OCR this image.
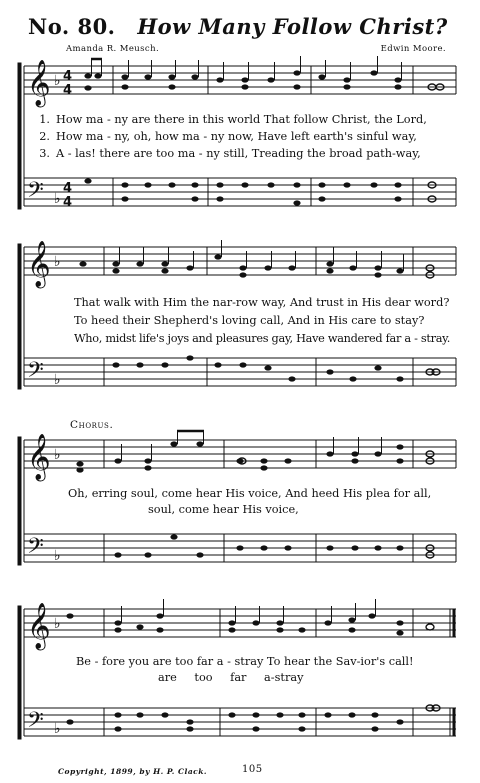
No. 80. How Many Follow Christ?
Amanda R. Meusch.	Edwin Moore.
𝄞
𝄢
𝄞
𝄢
𝄞
𝄢
𝄞
𝄢
♭
♭
♭
♭
♭
♭
♭
♭
4
4
4
4
1. How ma - ny are there in this world That follow Christ, the Lord,
2. How ma - ny, oh, how ma - ny now, Have left earth's sinful way,
3. A - las! there are too ma - ny still, Treading the broad path-way,
That walk with Him the nar-row way, And trust in His dear word?
To heed their Shepherd's loving call, And in His care to stay?
Who, midst life's joys and pleasures gay, Have wandered far a - stray.
Chorus.
Oh, erring soul, come hear His voice, And heed His plea for all,
soul, come hear His voice,
Be - fore you are too far a - stray To hear the Sav-ior's call!
are too far a-stray
Copyright, 1899, by H. P. Clack.	105
